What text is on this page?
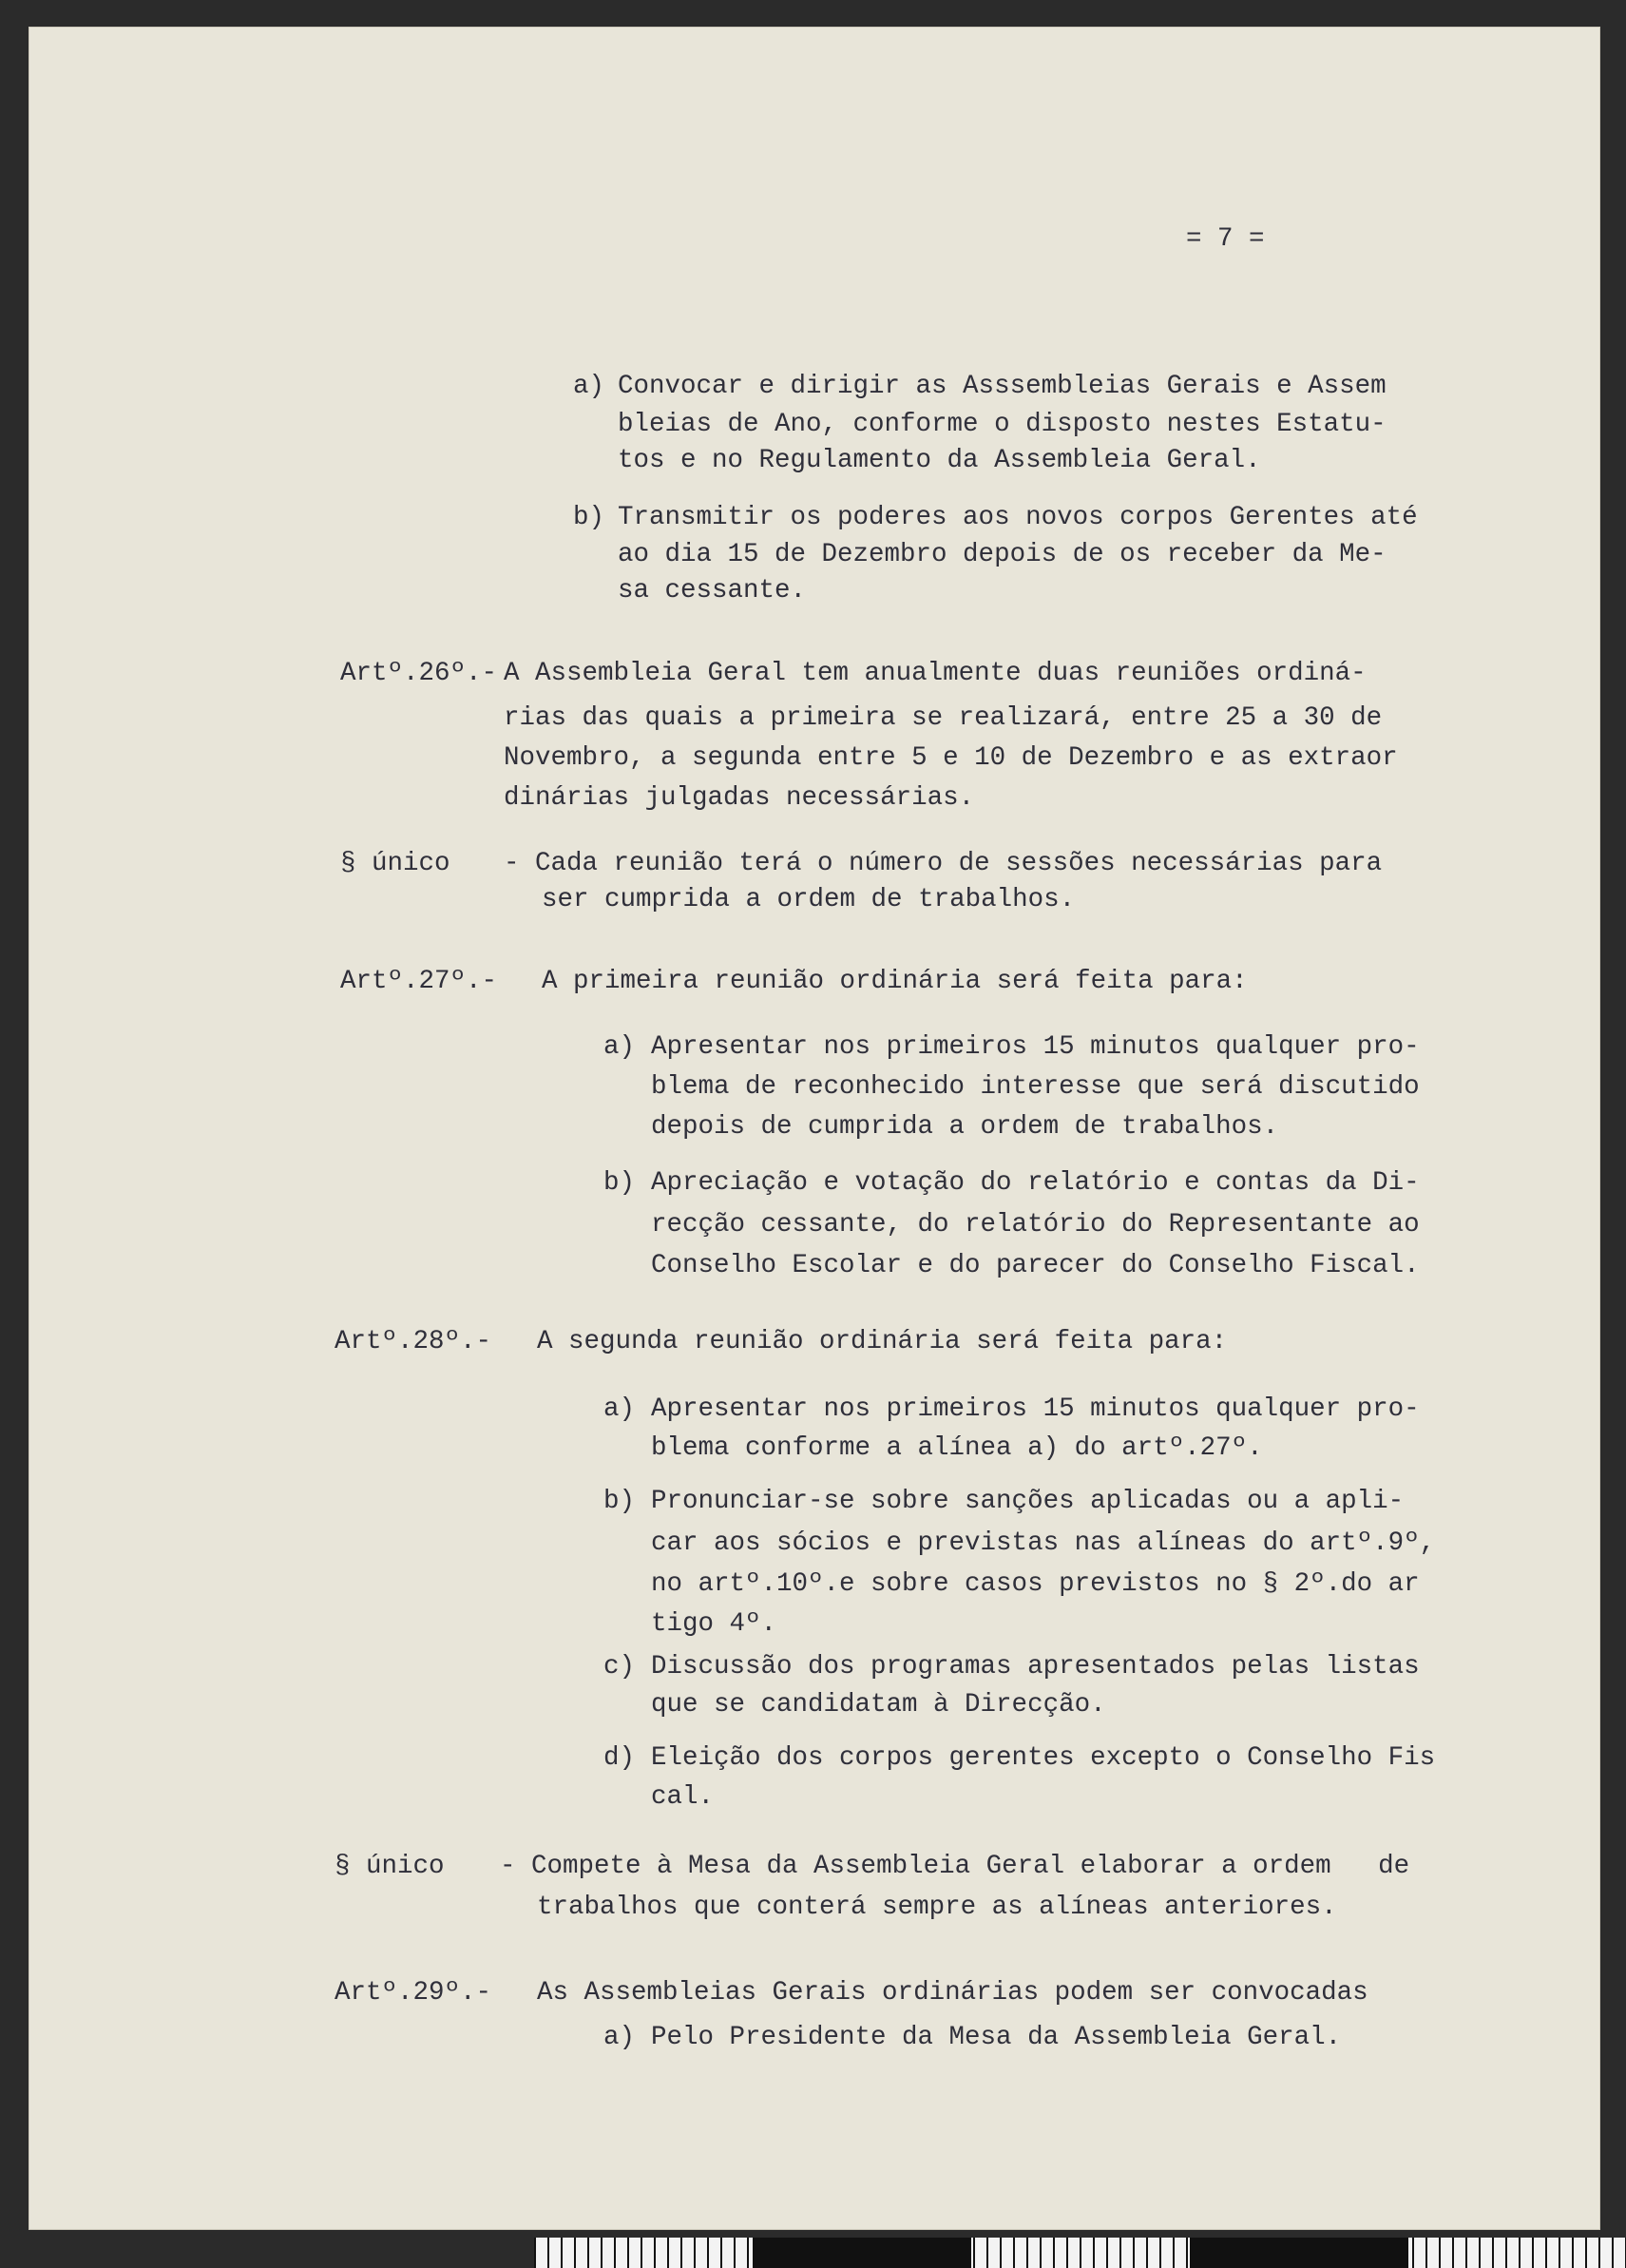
= 7 =
a) Convocar e dirigir as Asssembleias Gerais e Assem
bleias de Ano, conforme o disposto nestes Estatu-
tos e no Regulamento da Assembleia Geral.
b) Transmitir os poderes aos novos corpos Gerentes até
ao dia 15 de Dezembro depois de os receber da Me-
sa cessante.
Artº.26º.- A Assembleia Geral tem anualmente duas reuniões ordiná-
rias das quais a primeira se realizará, entre 25 a 30 de
Novembro, a segunda entre 5 e 10 de Dezembro e as extraor
dinárias julgadas necessárias.
§ único - Cada reunião terá o número de sessões necessárias para
ser cumprida a ordem de trabalhos.
Artº.27º.- A primeira reunião ordinária será feita para:
a) Apresentar nos primeiros 15 minutos qualquer pro-
blema de reconhecido interesse que será discutido
depois de cumprida a ordem de trabalhos.
b) Apreciação e votação do relatório e contas da Di-
recção cessante, do relatório do Representante ao
Conselho Escolar e do parecer do Conselho Fiscal.
Artº.28º.- A segunda reunião ordinária será feita para:
a) Apresentar nos primeiros 15 minutos qualquer pro-
blema conforme a alínea a) do artº.27º.
b) Pronunciar-se sobre sanções aplicadas ou a apli-
car aos sócios e previstas nas alíneas do artº.9º,
no artº.10º.e sobre casos previstos no § 2º.do ar
tigo 4º.
c) Discussão dos programas apresentados pelas listas
que se candidatam à Direcção.
d) Eleição dos corpos gerentes excepto o Conselho Fis
cal.
§ único - Compete à Mesa da Assembleia Geral elaborar a ordem   de
trabalhos que conterá sempre as alíneas anteriores.
Artº.29º.- As Assembleias Gerais ordinárias podem ser convocadas
a) Pelo Presidente da Mesa da Assembleia Geral.
